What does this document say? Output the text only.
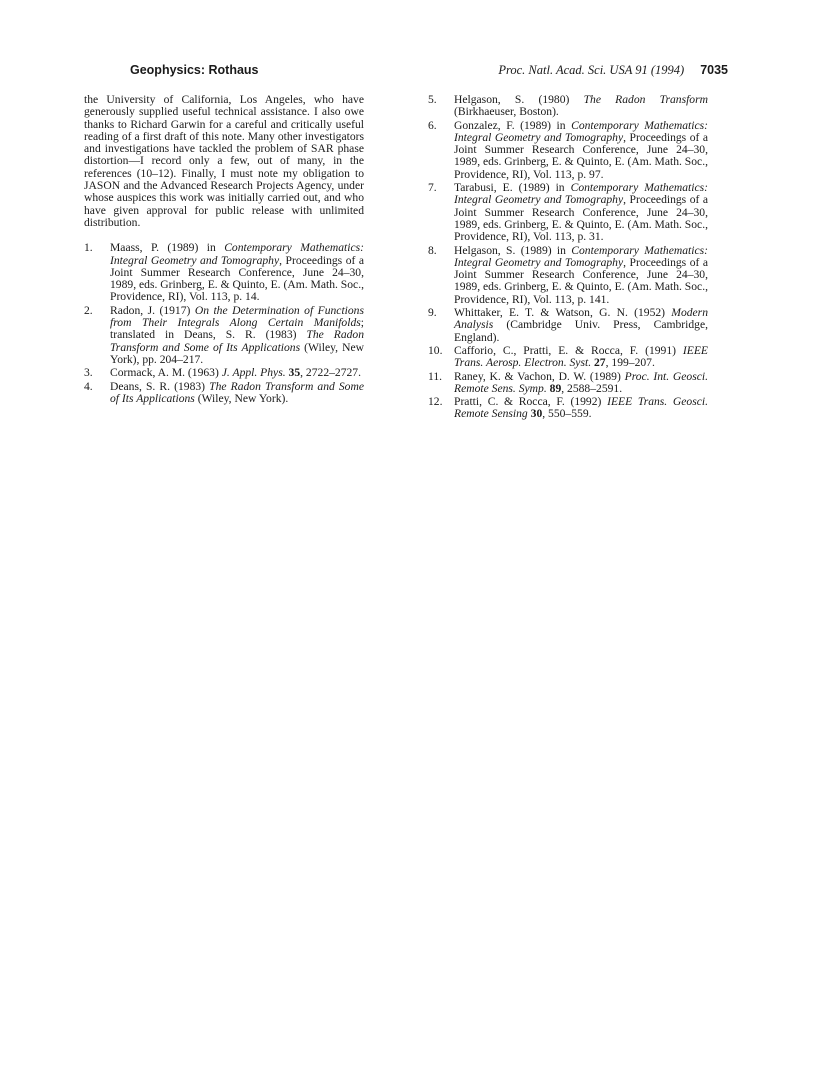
Geophysics: Rothaus	Proc. Natl. Acad. Sci. USA 91 (1994) 7035

the University of California, Los Angeles, who have generously supplied useful technical assistance. I also owe thanks to Richard Garwin for a careful and critically useful reading of a first draft of this note. Many other investigators and investigations have tackled the problem of SAR phase distortion—I record only a few, out of many, in the references (10–12). Finally, I must note my obligation to JASON and the Advanced Research Projects Agency, under whose auspices this work was initially carried out, and who have given approval for public release with unlimited distribution.

1.	Maass, P. (1989) in Contemporary Mathematics: Integral Geometry and Tomography, Proceedings of a Joint Summer Research Conference, June 24–30, 1989, eds. Grinberg, E. & Quinto, E. (Am. Math. Soc., Providence, RI), Vol. 113, p. 14.
2.	Radon, J. (1917) On the Determination of Functions from Their Integrals Along Certain Manifolds; translated in Deans, S. R. (1983) The Radon Transform and Some of Its Applications (Wiley, New York), pp. 204–217.
3.	Cormack, A. M. (1963) J. Appl. Phys. 35, 2722–2727.
4.	Deans, S. R. (1983) The Radon Transform and Some of Its Applications (Wiley, New York).
5.	Helgason, S. (1980) The Radon Transform (Birkhaeuser, Boston).
6.	Gonzalez, F. (1989) in Contemporary Mathematics: Integral Geometry and Tomography, Proceedings of a Joint Summer Research Conference, June 24–30, 1989, eds. Grinberg, E. & Quinto, E. (Am. Math. Soc., Providence, RI), Vol. 113, p. 97.
7.	Tarabusi, E. (1989) in Contemporary Mathematics: Integral Geometry and Tomography, Proceedings of a Joint Summer Research Conference, June 24–30, 1989, eds. Grinberg, E. & Quinto, E. (Am. Math. Soc., Providence, RI), Vol. 113, p. 31.
8.	Helgason, S. (1989) in Contemporary Mathematics: Integral Geometry and Tomography, Proceedings of a Joint Summer Research Conference, June 24–30, 1989, eds. Grinberg, E. & Quinto, E. (Am. Math. Soc., Providence, RI), Vol. 113, p. 141.
9.	Whittaker, E. T. & Watson, G. N. (1952) Modern Analysis (Cambridge Univ. Press, Cambridge, England).
10. Cafforio, C., Pratti, E. & Rocca, F. (1991) IEEE Trans. Aerosp. Electron. Syst. 27, 199–207.
11.	Raney, K. & Vachon, D. W. (1989) Proc. Int. Geosci. Remote Sens. Symp. 89, 2588–2591.
12. Pratti, C. & Rocca, F. (1992) IEEE Trans. Geosci. Remote Sensing 30, 550–559.
